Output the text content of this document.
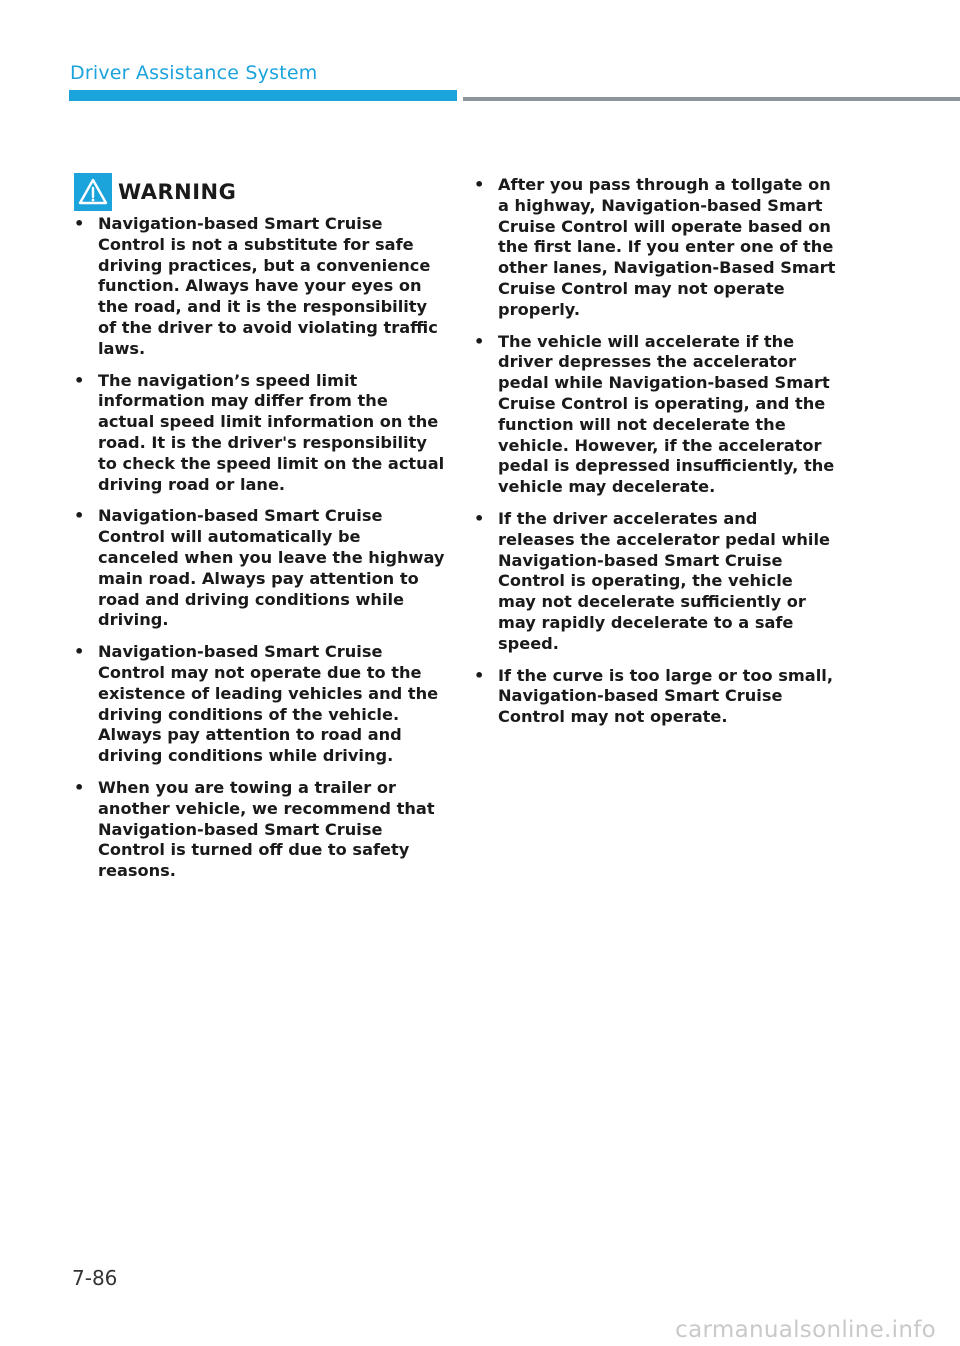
Driver Assistance System
WARNING
• Navigation-based Smart Cruise Control is not a substitute for safe driving practices, but a convenience function. Always have your eyes on the road, and it is the responsibility of the driver to avoid violating traffic laws.
• The navigation’s speed limit information may differ from the actual speed limit information on the road. It is the driver's responsibility to check the speed limit on the actual driving road or lane.
• Navigation-based Smart Cruise Control will automatically be canceled when you leave the highway main road. Always pay attention to road and driving conditions while driving.
• Navigation-based Smart Cruise Control may not operate due to the existence of leading vehicles and the driving conditions of the vehicle. Always pay attention to road and driving conditions while driving.
• When you are towing a trailer or another vehicle, we recommend that Navigation-based Smart Cruise Control is turned off due to safety reasons.
• After you pass through a tollgate on a highway, Navigation-based Smart Cruise Control will operate based on the first lane. If you enter one of the other lanes, Navigation-Based Smart Cruise Control may not operate properly.
• The vehicle will accelerate if the driver depresses the accelerator pedal while Navigation-based Smart Cruise Control is operating, and the function will not decelerate the vehicle. However, if the accelerator pedal is depressed insufficiently, the vehicle may decelerate.
• If the driver accelerates and releases the accelerator pedal while Navigation-based Smart Cruise Control is operating, the vehicle may not decelerate sufficiently or may rapidly decelerate to a safe speed.
• If the curve is too large or too small, Navigation-based Smart Cruise Control may not operate.
7-86
carmanualsonline.info
